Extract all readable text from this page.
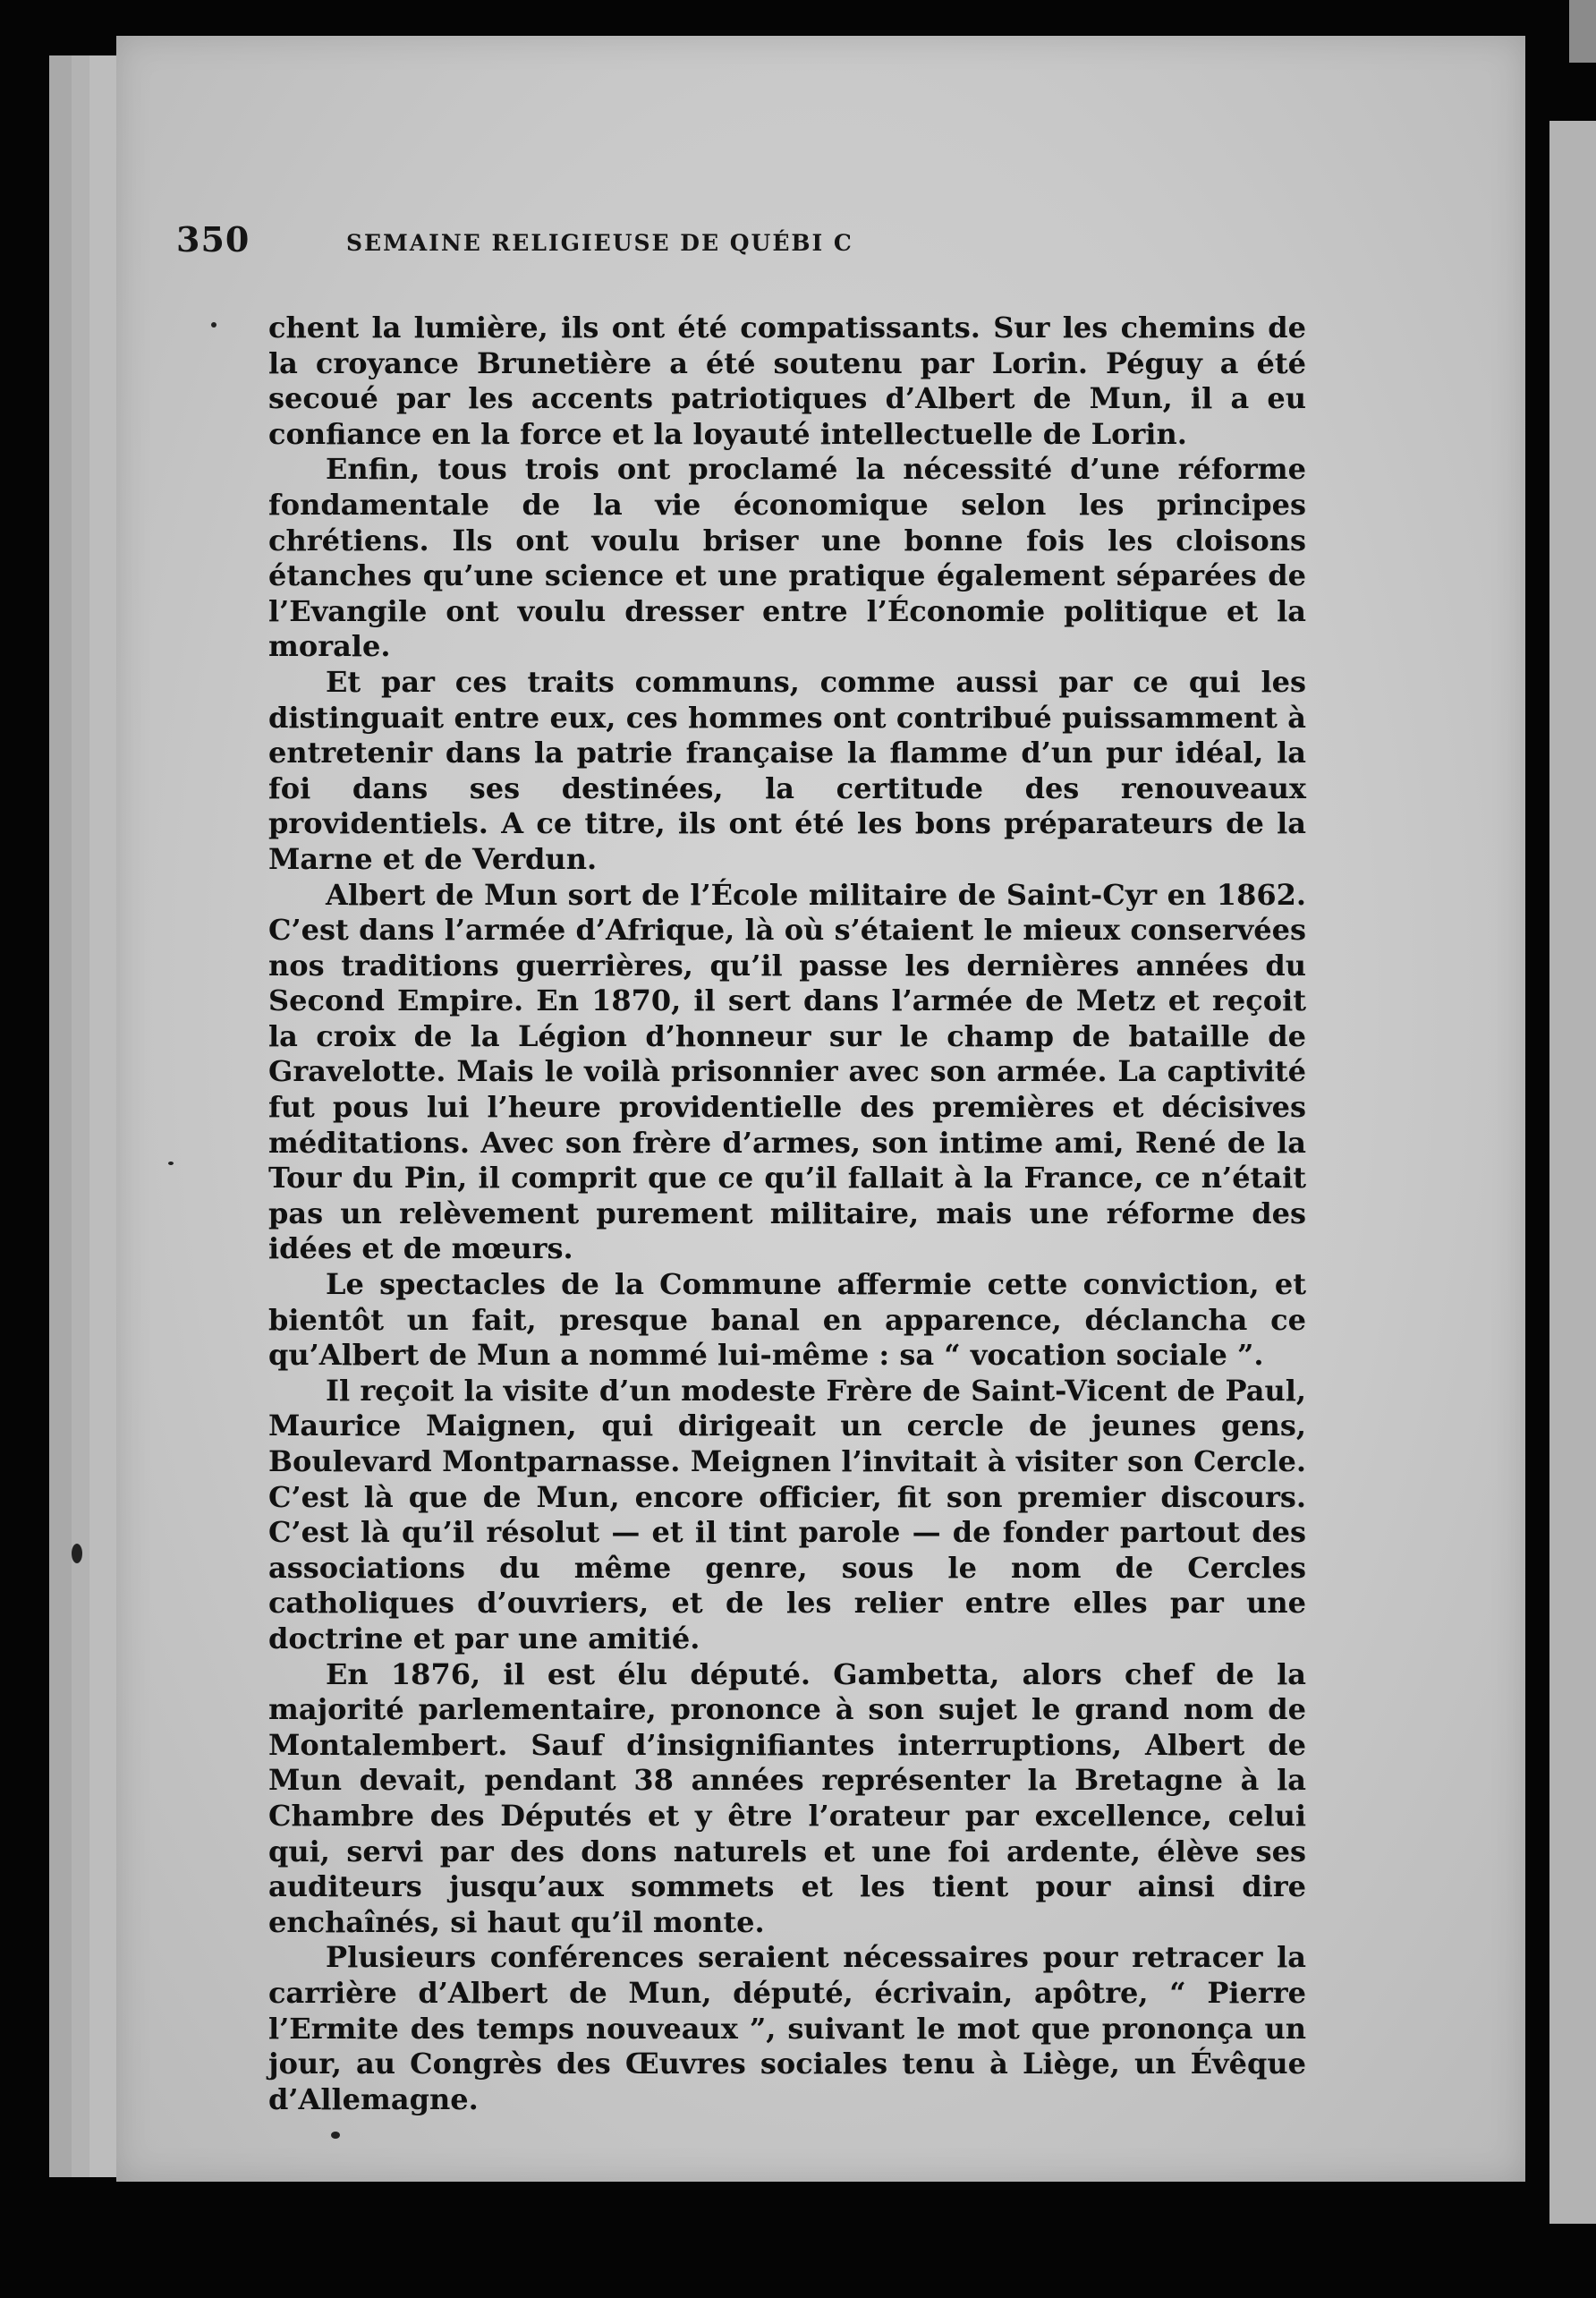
350	SEMAINE RELIGIEUSE DE QUÉBI C

chent la lumière, ils ont été compatissants. Sur les chemins de la croyance Brunetière a été soutenu par Lorin. Péguy a été secoué par les accents patriotiques d’Albert de Mun, il a eu confiance en la force et la loyauté intellectuelle de Lorin.

Enfin, tous trois ont proclamé la nécessité d’une réforme fondamentale de la vie économique selon les principes chrétiens. Ils ont voulu briser une bonne fois les cloisons étanches qu’une science et une pratique également séparées de l’Evangile ont voulu dresser entre l’Économie politique et la morale.

Et par ces traits communs, comme aussi par ce qui les distinguait entre eux, ces hommes ont contribué puissamment à entretenir dans la patrie française la flamme d’un pur idéal, la foi dans ses destinées, la certitude des renouveaux providentiels. A ce titre, ils ont été les bons préparateurs de la Marne et de Verdun.

Albert de Mun sort de l’École militaire de Saint-Cyr en 1862. C’est dans l’armée d’Afrique, là où s’étaient le mieux conservées nos traditions guerrières, qu’il passe les dernières années du Second Empire. En 1870, il sert dans l’armée de Metz et reçoit la croix de la Légion d’honneur sur le champ de bataille de Gravelotte. Mais le voilà prisonnier avec son armée. La captivité fut pous lui l’heure providentielle des premières et décisives méditations. Avec son frère d’armes, son intime ami, René de la Tour du Pin, il comprit que ce qu’il fallait à la France, ce n’était pas un relèvement purement militaire, mais une réforme des idées et de mœurs.

Le spectacles de la Commune affermie cette conviction, et bientôt un fait, presque banal en apparence, déclancha ce qu’Albert de Mun a nommé lui-même : sa “ vocation sociale ”.

Il reçoit la visite d’un modeste Frère de Saint-Vicent de Paul, Maurice Maignen, qui dirigeait un cercle de jeunes gens, Boulevard Montparnasse. Meignen l’invitait à visiter son Cercle. C’est là que de Mun, encore officier, fit son premier discours. C’est là qu’il résolut — et il tint parole — de fonder partout des associations du même genre, sous le nom de Cercles catholiques d’ouvriers, et de les relier entre elles par une doctrine et par une amitié.

En 1876, il est élu député. Gambetta, alors chef de la majorité parlementaire, prononce à son sujet le grand nom de Montalembert. Sauf d’insignifiantes interruptions, Albert de Mun devait, pendant 38 années représenter la Bretagne à la Chambre des Députés et y être l’orateur par excellence, celui qui, servi par des dons naturels et une foi ardente, élève ses auditeurs jusqu’aux sommets et les tient pour ainsi dire enchaînés, si haut qu’il monte.

Plusieurs conférences seraient nécessaires pour retracer la carrière d’Albert de Mun, député, écrivain, apôtre, “ Pierre l’Ermite des temps nouveaux ”, suivant le mot que prononça un jour, au Congrès des Œuvres sociales tenu à Liège, un Évêque d’Allemagne.
